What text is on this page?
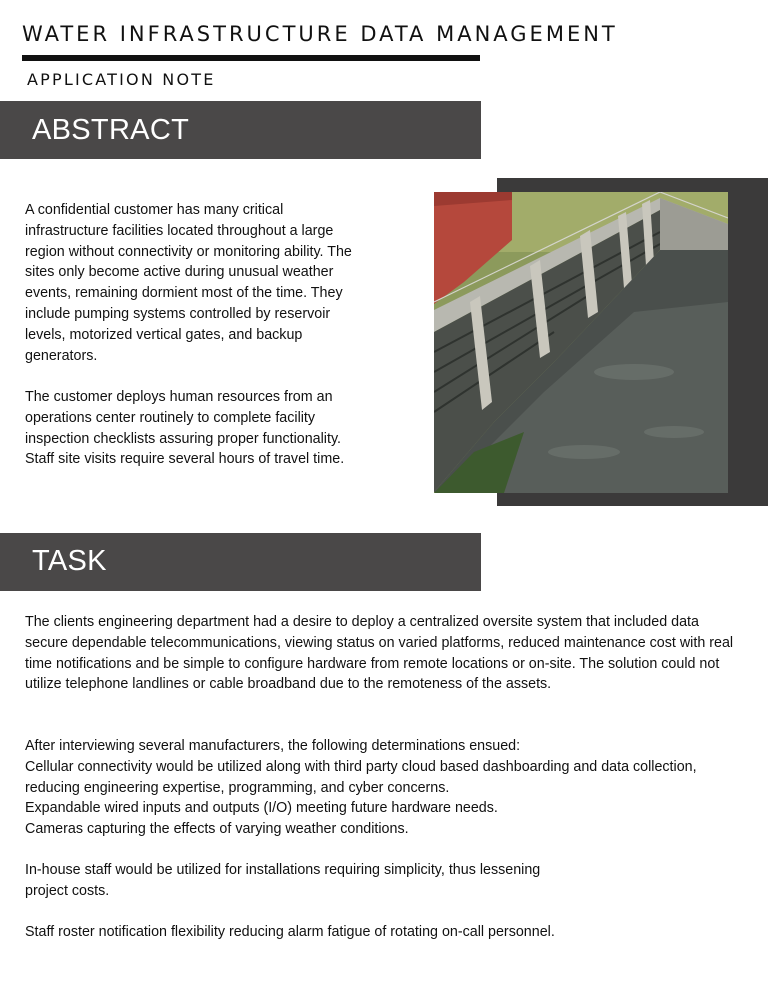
WATER INFRASTRUCTURE DATA MANAGEMENT
APPLICATION NOTE
ABSTRACT

A confidential customer has many critical infrastructure facilities located throughout a large region without connectivity or monitoring ability. The sites only become active during unusual weather events, remaining dormient most of the time. They include pumping systems controlled by reservoir levels, motorized vertical gates, and backup generators.

The customer deploys human resources from an operations center routinely to complete facility inspection checklists assuring proper functionality. Staff site visits require several hours of travel time.

TASK

The clients engineering department had a desire to deploy a centralized oversite system that included data secure dependable telecommunications, viewing status on varied platforms, reduced maintenance cost with real time notifications and be simple to configure hardware from remote locations or on-site. The solution could not utilize telephone landlines or cable broadband due to the remoteness of the assets.

After interviewing several manufacturers, the following determinations ensued:

Cellular connectivity would be utilized along with third party cloud based dashboarding and data collection, reducing engineering expertise, programming, and cyber concerns.

Expandable wired inputs and outputs (I/O) meeting future hardware needs.

Cameras capturing the effects of varying weather conditions.

In-house staff would be utilized for installations requiring simplicity, thus lessening project costs.

Staff roster notification flexibility reducing alarm fatigue of rotating on-call personnel.
